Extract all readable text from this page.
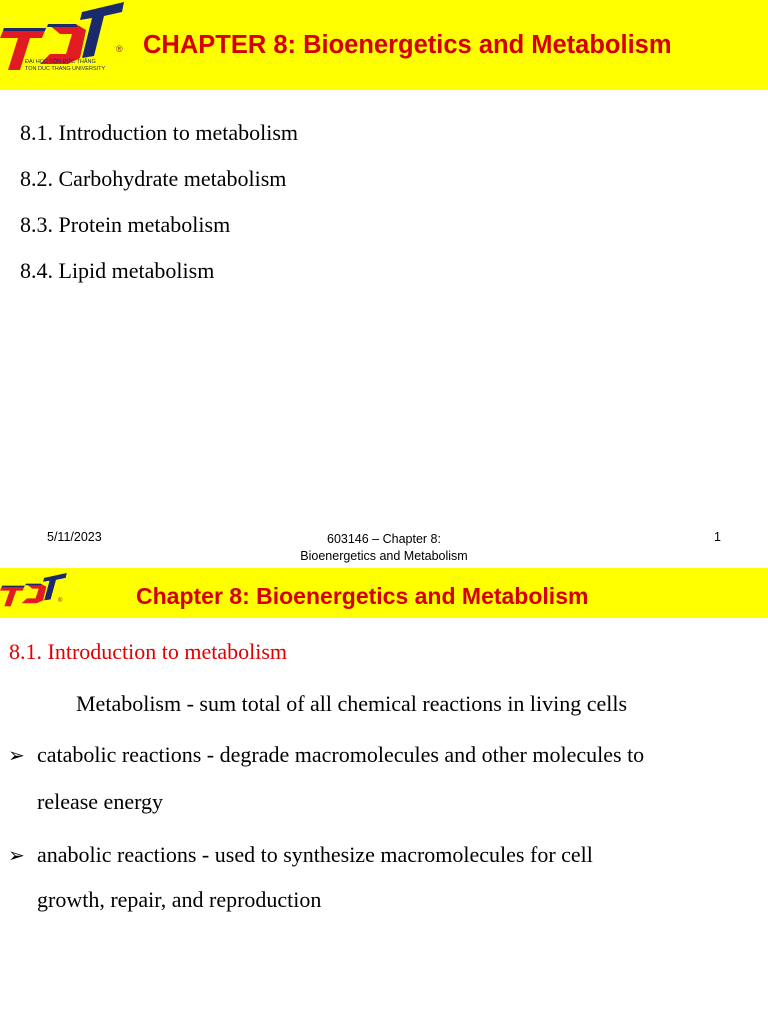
ĐẠI HỌC TÔN ĐỨC THẮNG
TON DUC THANG UNIVERSITY
® CHAPTER 8: Bioenergetics and Metabolism
8.1. Introduction to metabolism
8.2. Carbohydrate metabolism
8.3. Protein metabolism
8.4. Lipid metabolism
5/11/2023	603146 – Chapter 8:
Bioenergetics and Metabolism
1
®	Chapter 8: Bioenergetics and Metabolism
8.1. Introduction to metabolism
Metabolism - sum total of all chemical reactions in living cells
➢ catabolic reactions - degrade macromolecules and other molecules to
release energy
➢ anabolic reactions - used to synthesize macromolecules for cell
growth, repair, and reproduction
